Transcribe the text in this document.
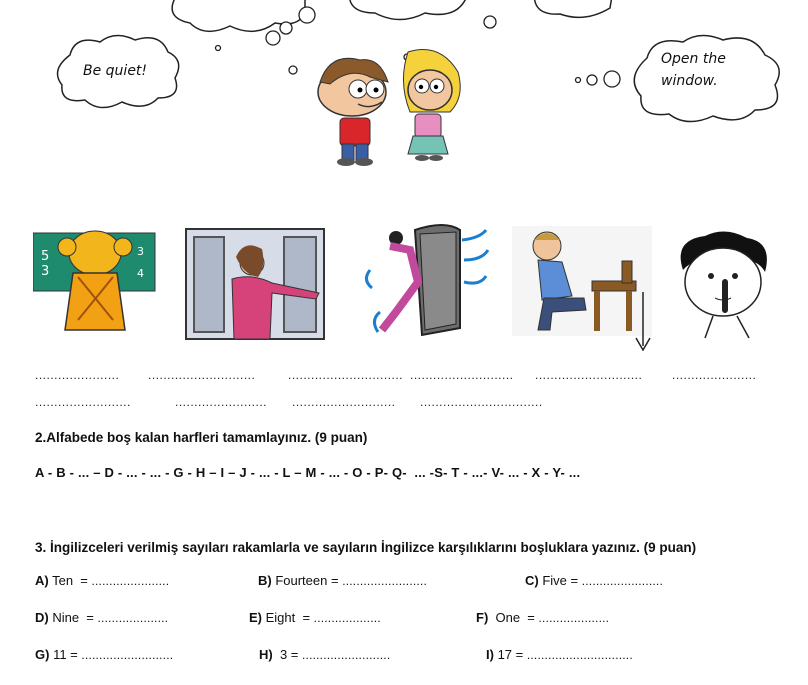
Be quiet!
Open the
window.
5
3
3
4
...................... ............................	.............................. ........................... ............................ ......................
.........................	........................ ........................... ................................
2.Alfabede boş kalan harfleri tamamlayınız. (9 puan)
A - B - ... – D - ... - ... - G - H – I – J - ... - L – M - ... - O - P- Q-  ... -S- T - ...- V- ... - X - Y- ...
3. İngilizceleri verilmiş sayıları rakamlarla ve sayıların İngilizce karşılıklarını boşluklara yazınız. (9 puan)
A) Ten  = ......................	B) Fourteen = ........................	C) Five = .......................
D) Nine  = ....................	E) Eight  = ...................	F)  One  = ....................
G) 11 = ..........................	H)  3 = .........................	I) 17 = ..............................
